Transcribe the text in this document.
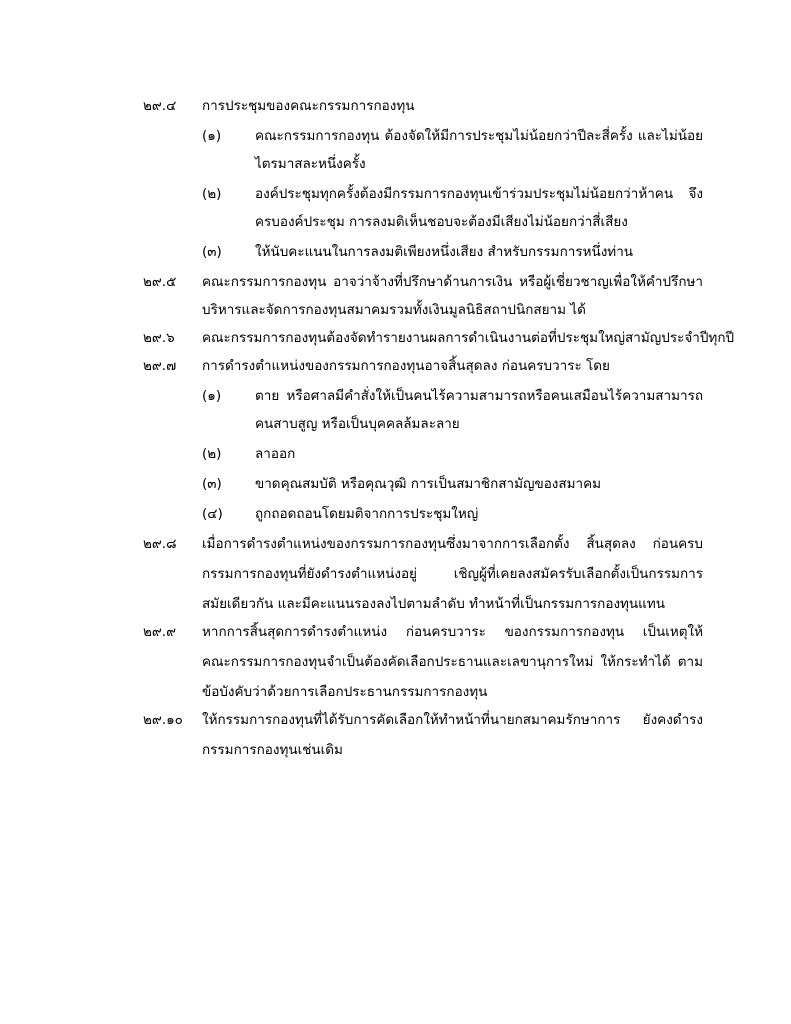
๒๙.๔ การประชุมของคณะกรรมการกองทุน
(๑)	คณะกรรมการกองทุน ต้องจัดให้มีการประชุมไม่น้อยกว่าปีละสี่ครั้ง และไม่น้อย
ไตรมาสละหนึ่งครั้ง
(๒) องค์ประชุมทุกครั้งต้องมีกรรมการกองทุนเข้าร่วมประชุมไม่น้อยกว่าห้าคน จึง
ครบองค์ประชุม การลงมติเห็นชอบจะต้องมีเสียงไม่น้อยกว่าสี่เสียง
(๓) ให้นับคะแนนในการลงมติเพียงหนึ่งเสียง สำหรับกรรมการหนึ่งท่าน
๒๙.๕ คณะกรรมการกองทุน อาจว่าจ้างที่ปรึกษาด้านการเงิน หรือผู้เชี่ยวชาญเพื่อให้คำปรึกษา
บริหารและจัดการกองทุนสมาคมรวมทั้งเงินมูลนิธิสถาปนิกสยาม ได้
๒๙.๖ คณะกรรมการกองทุนต้องจัดทำรายงานผลการดำเนินงานต่อที่ประชุมใหญ่สามัญประจำปีทุกปี
๒๙.๗ การดำรงตำแหน่งของกรรมการกองทุนอาจสิ้นสุดลง ก่อนครบวาระ โดย
(๑)	ตาย หรือศาลมีคำสั่งให้เป็นคนไร้ความสามารถหรือคนเสมือนไร้ความสามารถ
คนสาบสูญ หรือเป็นบุคคลล้มละลาย
(๒) ลาออก
(๓) ขาดคุณสมบัติ หรือคุณวุฒิ การเป็นสมาชิกสามัญของสมาคม
(๔) ถูกถอดถอนโดยมติจากการประชุมใหญ่
๒๙.๘ เมื่อการดำรงตำแหน่งของกรรมการกองทุนซึ่งมาจากการเลือกตั้ง สิ้นสุดลง ก่อนครบ
กรรมการกองทุนที่ยังดำรงตำแหน่งอยู่ เชิญผู้ที่เคยลงสมัครรับเลือกตั้งเป็นกรรมการ
สมัยเดียวกัน และมีคะแนนรองลงไปตามลำดับ ทำหน้าที่เป็นกรรมการกองทุนแทน
๒๙.๙ หากการสิ้นสุดการดำรงตำแหน่ง ก่อนครบวาระ ของกรรมการกองทุน เป็นเหตุให้
คณะกรรมการกองทุนจำเป็นต้องคัดเลือกประธานและเลขานุการใหม่ ให้กระทำได้ ตาม
ข้อบังคับว่าด้วยการเลือกประธานกรรมการกองทุน
๒๙.๑๐ ให้กรรมการกองทุนที่ได้รับการคัดเลือกให้ทำหน้าที่นายกสมาคมรักษาการ ยังคงดำรง
กรรมการกองทุนเช่นเดิม
